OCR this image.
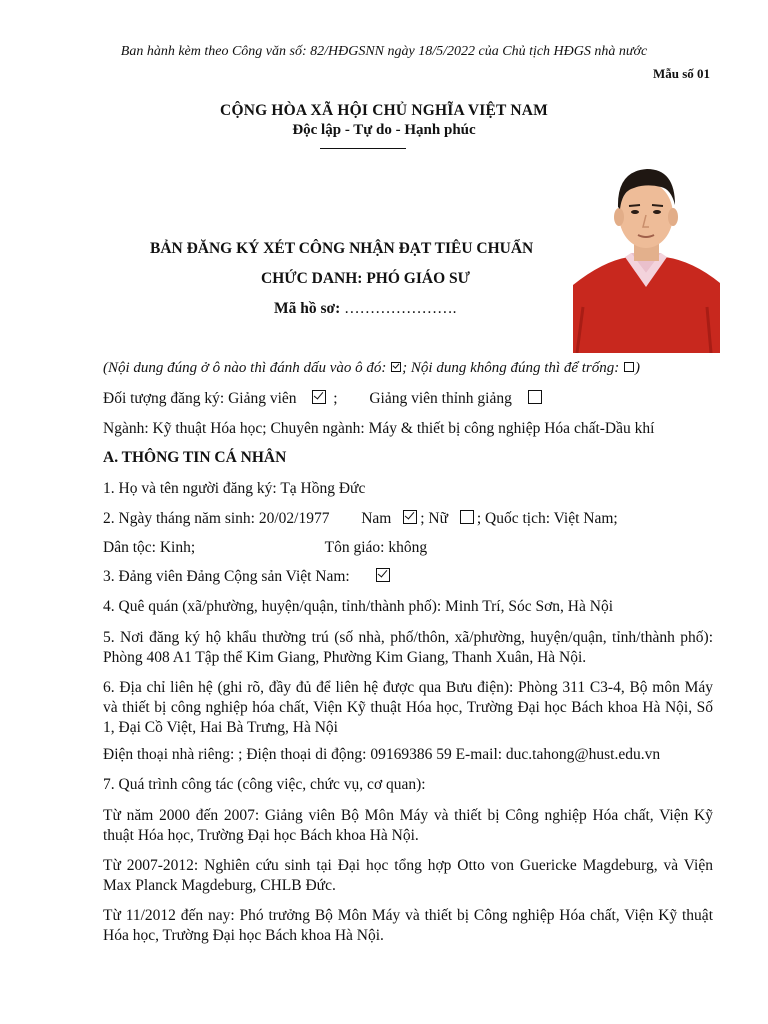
Ban hành kèm theo Công văn số: 82/HĐGSNN ngày 18/5/2022 của Chủ tịch HĐGS nhà nước
Mẫu số 01
CỘNG HÒA XÃ HỘI CHỦ NGHĨA VIỆT NAM
Độc lập - Tự do - Hạnh phúc
BẢN ĐĂNG KÝ XÉT CÔNG NHẬN ĐẠT TIÊU CHUẨN
CHỨC DANH: PHÓ GIÁO SƯ
Mã hồ sơ: ………………….
(Nội dung đúng ở ô nào thì đánh dấu vào ô đó: ; Nội dung không đúng thì để trống: )
Đối tượng đăng ký: Giảng viên  ; Giảng viên thỉnh giảng
Ngành: Kỹ thuật Hóa học; Chuyên ngành: Máy & thiết bị công nghiệp Hóa chất-Dầu khí
A. THÔNG TIN CÁ NHÂN
1. Họ và tên người đăng ký: Tạ Hồng Đức
2. Ngày tháng năm sinh: 20/02/1977 Nam ; Nữ ; Quốc tịch: Việt Nam;
Dân tộc: Kinh;	Tôn giáo: không
3. Đảng viên Đảng Cộng sản Việt Nam:
4. Quê quán (xã/phường, huyện/quận, tỉnh/thành phố): Minh Trí, Sóc Sơn, Hà Nội
5. Nơi đăng ký hộ khẩu thường trú (số nhà, phố/thôn, xã/phường, huyện/quận, tỉnh/thành phố): Phòng 408 A1 Tập thể Kim Giang, Phường Kim Giang, Thanh Xuân, Hà Nội.
6. Địa chỉ liên hệ (ghi rõ, đầy đủ để liên hệ được qua Bưu điện): Phòng 311 C3-4, Bộ môn Máy và thiết bị công nghiệp hóa chất, Viện Kỹ thuật Hóa học, Trường Đại học Bách khoa Hà Nội, Số 1, Đại Cồ Việt, Hai Bà Trưng, Hà Nội
Điện thoại nhà riêng: ; Điện thoại di động: 09169386 59 E-mail: duc.tahong@hust.edu.vn
7. Quá trình công tác (công việc, chức vụ, cơ quan):
Từ năm 2000 đến 2007: Giảng viên Bộ Môn Máy và thiết bị Công nghiệp Hóa chất, Viện Kỹ thuật Hóa học, Trường Đại học Bách khoa Hà Nội.
Từ 2007-2012: Nghiên cứu sinh tại Đại học tổng hợp Otto von Guericke Magdeburg, và Viện Max Planck Magdeburg, CHLB Đức.
Từ 11/2012 đến nay: Phó trưởng Bộ Môn Máy và thiết bị Công nghiệp Hóa chất, Viện Kỹ thuật Hóa học, Trường Đại học Bách khoa Hà Nội.
